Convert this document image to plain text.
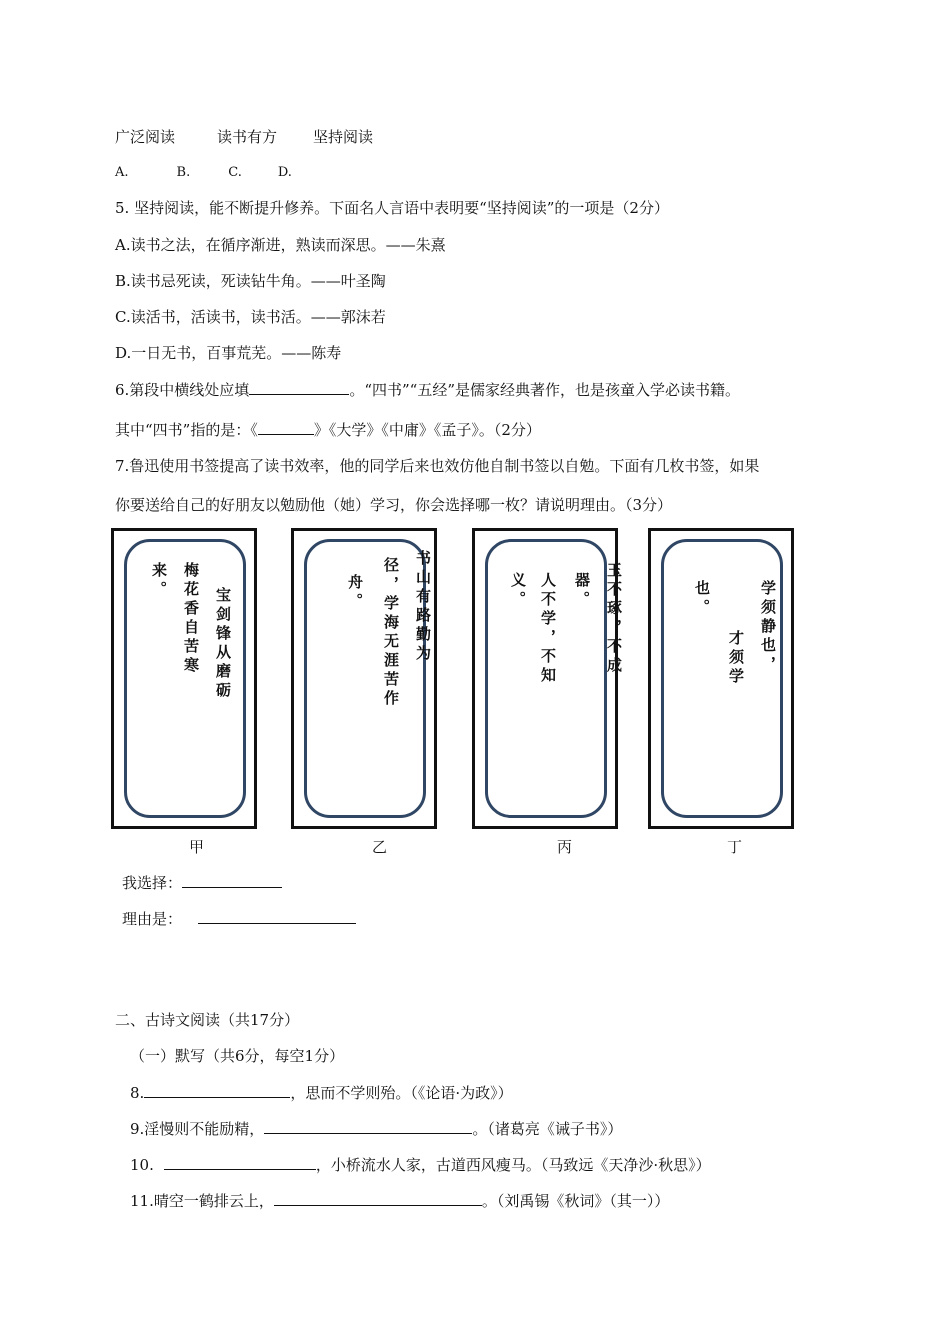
广泛阅读	读书有方 坚持阅读
A.	B.	C.	D.
5. 坚持阅读，能不断提升修养。下面名人言语中表明要“坚持阅读”的一项是（2分）
A.读书之法，在循序渐进，熟读而深思。——朱熹
B.读书忌死读，死读钻牛角。——叶圣陶
C.读活书，活读书，读书活。——郭沫若
D.一日无书，百事荒芜。——陈寿
6.第段中横线处应填	。“四书”“五经”是儒家经典著作，也是孩童入学必读书籍。
其中“四书”指的是：《	》《大学》《中庸》《孟子》。（2分）
7.鲁迅使用书签提高了读书效率，他的同学后来也效仿他自制书签以自勉。下面有几枚书签，如果
你要送给自己的好朋友以勉励他（她）学习，你会选择哪一枚？请说明理由。（3分）
宝剑锋从磨砺
梅花香自苦寒
来。	书山有路勤为
径，学海无涯苦作
舟。	玉不琢，不成
器。
人不学，不知
义。	学须静也，
才须学
也。
甲	乙	丙	丁
我选择：
理由是：
二、古诗文阅读（共17分）
（一）默写（共6分，每空1分）
8.	，思而不学则殆。（《论语·为政》）
9.淫慢则不能励精，	。（诸葛亮《诫子书》）
10.	，小桥流水人家，古道西风瘦马。（马致远《天净沙·秋思》）
11.晴空一鹤排云上，	。（刘禹锡《秋词》（其一））
